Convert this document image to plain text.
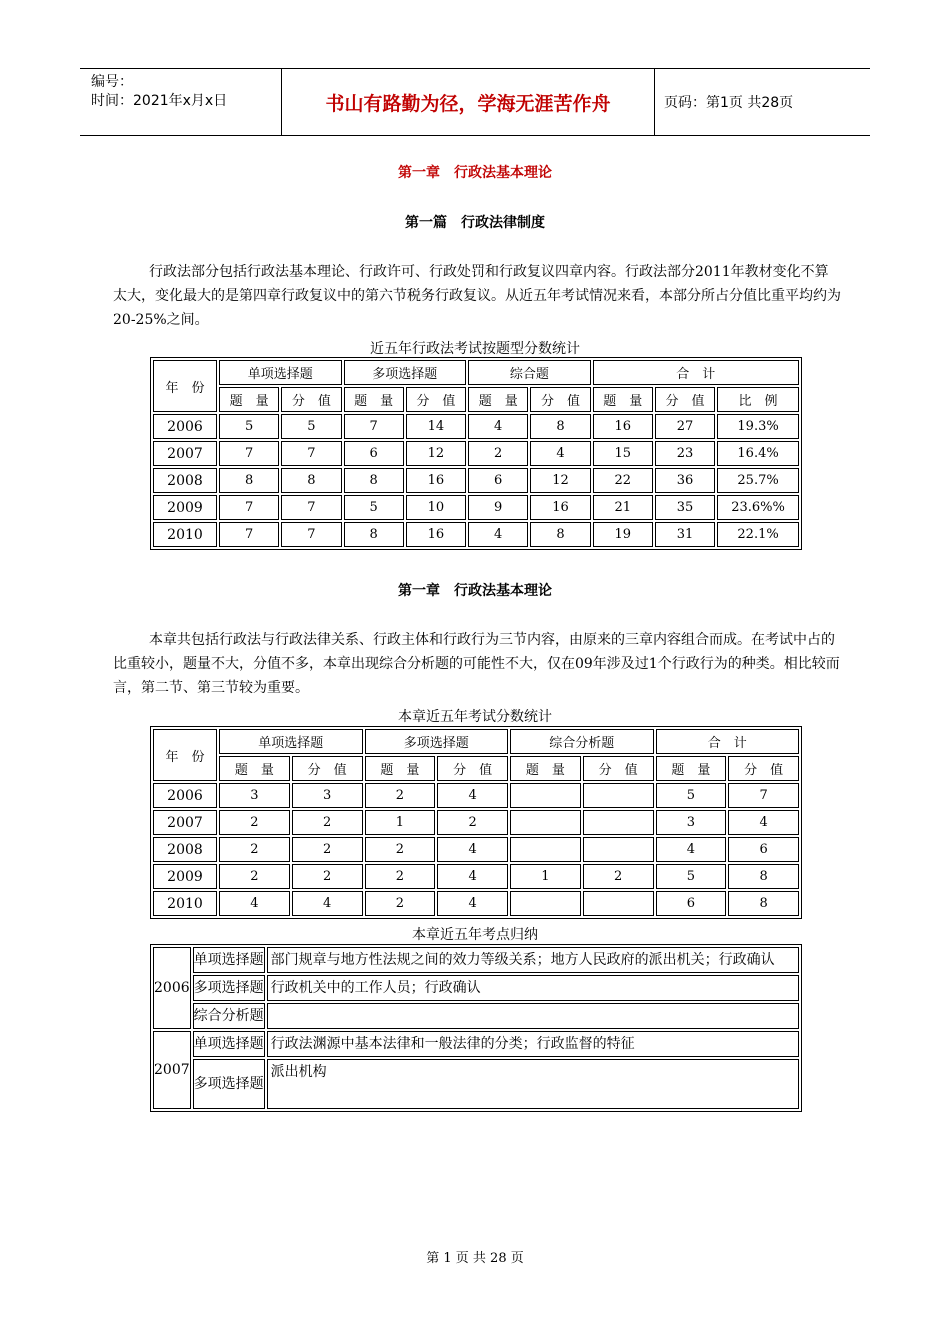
编号：
时间：2021年x月x日	书山有路勤为径，学海无涯苦作舟	页码：第1页 共28页
第一章　行政法基本理论
第一篇　行政法律制度

行政法部分包括行政法基本理论、行政许可、行政处罚和行政复议四章内容。行政法部分2011年教材变化不算太大，变化最大的是第四章行政复议中的第六节税务行政复议。从近五年考试情况来看，本部分所占分值比重平均约为20-25%之间。

近五年行政法考试按题型分数统计
年　份	单项选择题		多项选择题		综合题		合　计		
	题　量	分　值	题　量	分　值	题　量	分　值	题　量	分　值	比　例
2006	5	5	7	14	4	8	16	27	19.3%
2007	7	7	6	12	2	4	15	23	16.4%
2008	8	8	8	16	6	12	22	36	25.7%
2009	7	7	5	10	9	16	21	35	23.6%%
2010	7	7	8	16	4	8	19	31	22.1%
第一章　行政法基本理论

本章共包括行政法与行政法律关系、行政主体和行政行为三节内容，由原来的三章内容组合而成。在考试中占的比重较小，题量不大，分值不多，本章出现综合分析题的可能性不大，仅在09年涉及过1个行政行为的种类。相比较而言，第二节、第三节较为重要。

本章近五年考试分数统计
年　份	单项选择题		多项选择题		综合分析题		合　计	
	题　量	分　值	题　量	分　值	题　量	分　值	题　量	分　值
2006	3	3	2	4			5	7
2007	2	2	1	2			3	4
2008	2	2	2	4			4	6
2009	2	2	2	4	1	2	5	8
2010	4	4	2	4			6	8
本章近五年考点归纳
2006	单项选择题	部门规章与地方性法规之间的效力等级关系；地方人民政府的派出机关；行政确认
	多项选择题	行政机关中的工作人员；行政确认
	综合分析题	
2007	单项选择题	行政法渊源中基本法律和一般法律的分类；行政监督的特征
	多项选择题	派出机构
第 1 页 共 28 页
